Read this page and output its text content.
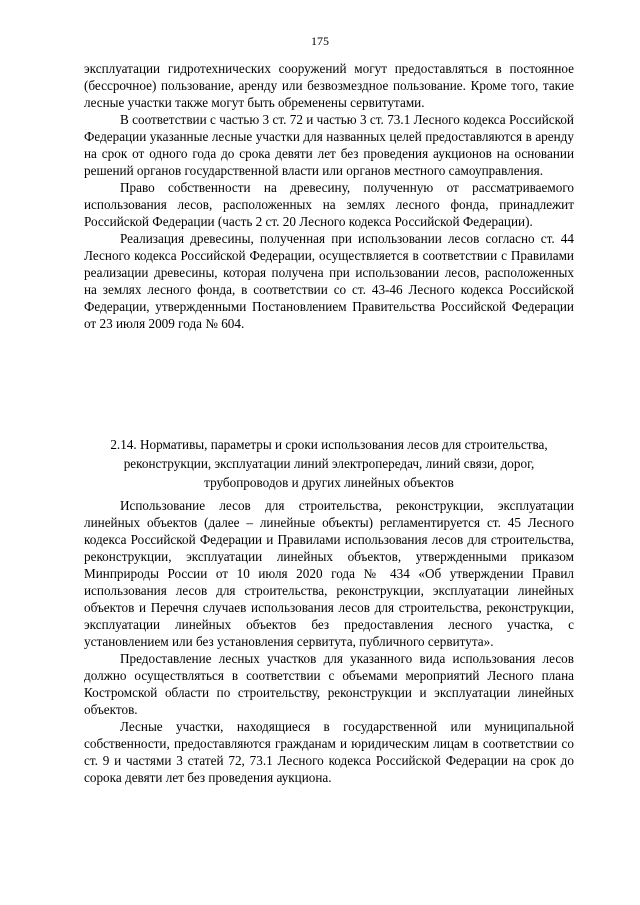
175

эксплуатации гидротехнических сооружений могут предоставляться в постоянное (бессрочное) пользование, аренду или безвозмездное пользование. Кроме того, такие лесные участки также могут быть обременены сервитутами.

В соответствии с частью 3 ст. 72 и частью 3 ст. 73.1 Лесного кодекса Российской Федерации указанные лесные участки для названных целей предоставляются в аренду на срок от одного года до срока девяти лет без проведения аукционов на основании решений органов государственной власти или органов местного самоуправления.

Право собственности на древесину, полученную от рассматриваемого использования лесов, расположенных на землях лесного фонда, принадлежит Российской Федерации (часть 2 ст. 20 Лесного кодекса Российской Федерации).

Реализация древесины, полученная при использовании лесов согласно ст. 44 Лесного кодекса Российской Федерации, осуществляется в соответствии с Правилами реализации древесины, которая получена при использовании лесов, расположенных на землях лесного фонда, в соответствии со ст. 43-46 Лесного кодекса Российской Федерации, утвержденными Постановлением Правительства Российской Федерации от 23 июля 2009 года № 604.

2.14. Нормативы, параметры и сроки использования лесов для строительства, реконструкции, эксплуатации линий электропередач, линий связи, дорог, трубопроводов и других линейных объектов

Использование лесов для строительства, реконструкции, эксплуатации линейных объектов (далее – линейные объекты) регламентируется ст. 45 Лесного кодекса Российской Федерации и Правилами использования лесов для строительства, реконструкции, эксплуатации линейных объектов, утвержденными приказом Минприроды России от 10 июля 2020 года № 434 «Об утверждении Правил использования лесов для строительства, реконструкции, эксплуатации линейных объектов и Перечня случаев использования лесов для строительства, реконструкции, эксплуатации линейных объектов без предоставления лесного участка, с установлением или без установления сервитута, публичного сервитута».

Предоставление лесных участков для указанного вида использования лесов должно осуществляться в соответствии с объемами мероприятий Лесного плана Костромской области по строительству, реконструкции и эксплуатации линейных объектов.

Лесные участки, находящиеся в государственной или муниципальной собственности, предоставляются гражданам и юридическим лицам в соответствии со ст. 9 и частями 3 статей 72, 73.1 Лесного кодекса Российской Федерации на срок до сорока девяти лет без проведения аукциона.
